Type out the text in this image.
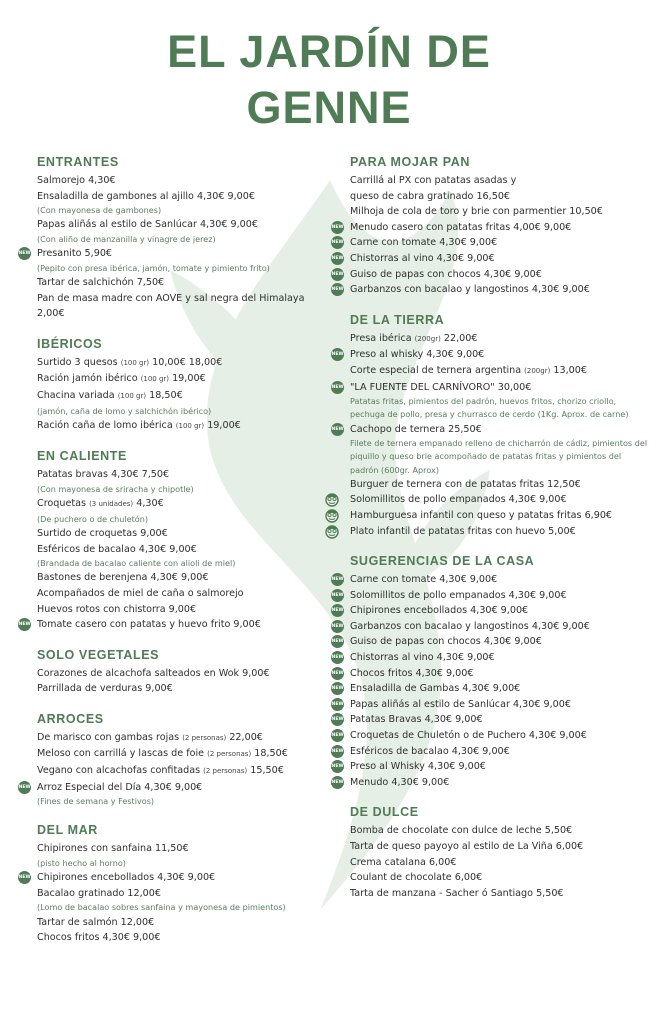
EL JARDÍN DE
GENNE
ENTRANTES
Salmorejo 4,30€
Ensaladilla de gambones al ajillo 4,30€ 9,00€
(Con mayonesa de gambones)
Papas aliñás al estilo de Sanlúcar 4,30€ 9,00€
(Con aliño de manzanilla y vinagre de jerez)
NEW Presanito 5,90€
(Pepito con presa ibérica, jamón, tomate y pimiento frito)
Tartar de salchichón 7,50€
Pan de masa madre con AOVE y sal negra del Himalaya 2,00€
IBÉRICOS
Surtido 3 quesos (100 gr) 10,00€ 18,00€
Ración jamón ibérico (100 gr) 19,00€
Chacina variada (100 gr) 18,50€
(jamón, caña de lomo y salchichón ibérico)
Ración caña de lomo ibérica (100 gr) 19,00€
EN CALIENTE
Patatas bravas 4,30€ 7,50€
(Con mayonesa de sriracha y chipotle)
Croquetas (3 unidades) 4,30€
(De puchero o de chuletón)
Surtido de croquetas 9,00€
Esféricos de bacalao 4,30€ 9,00€
(Brandada de bacalao caliente con alioli de miel)
Bastones de berenjena 4,30€ 9,00€
Acompañados de miel de caña o salmorejo
Huevos rotos con chistorra 9,00€
NEW Tomate casero con patatas y huevo frito 9,00€
SOLO VEGETALES
Corazones de alcachofa salteados en Wok 9,00€
Parrillada de verduras 9,00€
ARROCES
De marisco con gambas rojas (2 personas) 22,00€
Meloso con carrillá y lascas de foie (2 personas) 18,50€
Vegano con alcachofas confitadas (2 personas) 15,50€
NEW Arroz Especial del Día 4,30€ 9,00€
(Fines de semana y Festivos)
DEL MAR
Chipirones con sanfaina 11,50€
(pisto hecho al horno)
NEW Chipirones encebollados 4,30€ 9,00€
Bacalao gratinado 12,00€
(Lomo de bacalao sobres sanfaina y mayonesa de pimientos)
Tartar de salmón 12,00€
Chocos fritos 4,30€ 9,00€
PARA MOJAR PAN
Carrillá al PX con patatas asadas y
queso de cabra gratinado 16,50€
Milhoja de cola de toro y brie con parmentier 10,50€
NEW Menudo casero con patatas fritas 4,00€ 9,00€
NEW Carne con tomate 4,30€ 9,00€
NEW Chistorras al vino 4,30€ 9,00€
NEW Guiso de papas con chocos 4,30€ 9,00€
NEW Garbanzos con bacalao y langostinos 4,30€ 9,00€
DE LA TIERRA
Presa ibérica (200gr) 22,00€
NEW Preso al whisky 4,30€ 9,00€
Corte especial de ternera argentina (200gr) 13,00€
NEW "LA FUENTE DEL CARNÍVORO" 30,00€
Patatas fritas, pimientos del padrón, huevos fritos, chorizo criollo, pechuga de pollo, presa y churrasco de cerdo (1Kg. Aprox. de carne)
NEW Cachopo de ternera 25,50€
Filete de ternera empanado relleno de chicharrón de cádiz, pimientos del piquillo y queso brie acompoñado de patatas fritas y pimientos del padrón (600gr. Aprox)
Burguer de ternera con de patatas fritas 12,50€
Solomillitos de pollo empanados 4,30€ 9,00€
Hamburguesa infantil con queso y patatas fritas 6,90€
Plato infantil de patatas fritas con huevo 5,00€
SUGERENCIAS DE LA CASA
NEW Carne con tomate 4,30€ 9,00€
NEW Solomillitos de pollo empanados 4,30€ 9,00€
NEW Chipirones encebollados 4,30€ 9,00€
NEW Garbanzos con bacalao y langostinos 4,30€ 9,00€
NEW Guiso de papas con chocos 4,30€ 9,00€
NEW Chistorras al vino 4,30€ 9,00€
NEW Chocos fritos 4,30€ 9,00€
NEW Ensaladilla de Gambas 4,30€ 9,00€
NEW Papas aliñás al estilo de Sanlúcar 4,30€ 9,00€
NEW Patatas Bravas 4,30€ 9,00€
NEW Croquetas de Chuletón o de Puchero 4,30€ 9,00€
NEW Esféricos de bacalao 4,30€ 9,00€
NEW Preso al Whisky 4,30€ 9,00€
NEW Menudo 4,30€ 9,00€
DE DULCE
Bomba de chocolate con dulce de leche 5,50€
Tarta de queso payoyo al estilo de La Viña 6,00€
Crema catalana 6,00€
Coulant de chocolate 6,00€
Tarta de manzana - Sacher ó Santiago 5,50€
